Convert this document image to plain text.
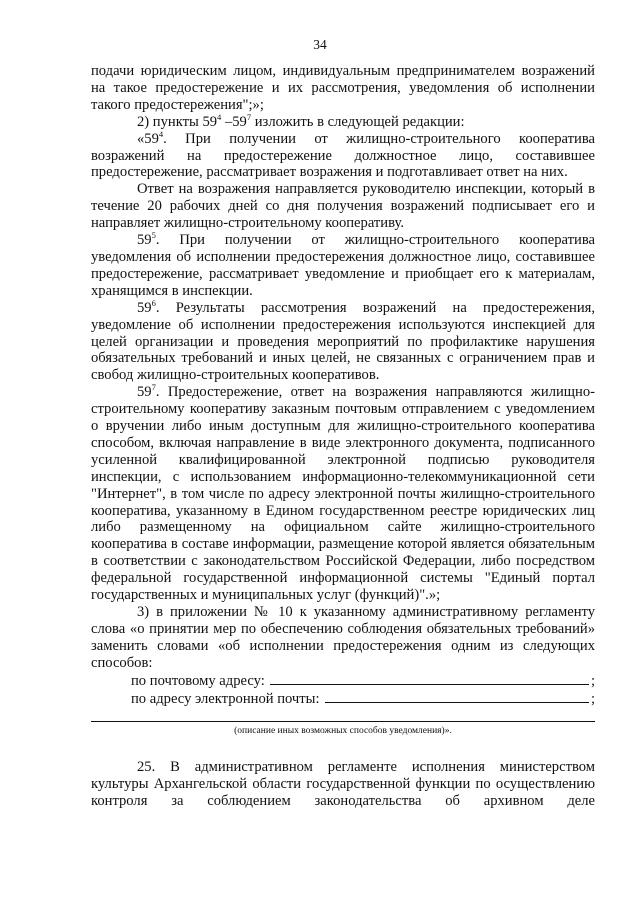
34

подачи юридическим лицом, индивидуальным предпринимателем возражений на такое предостережение и их рассмотрения, уведомления об исполнении такого предостережения";»;

2) пункты $59^4$ $-59^7$ изложить в следующей редакции:

«$59^4$. При получении от жилищно-строительного кооператива возражений на предостережение должностное лицо, составившее предостережение, рассматривает возражения и подготавливает ответ на них.

Ответ на возражения направляется руководителю инспекции, который в течение 20 рабочих дней со дня получения возражений подписывает его и направляет жилищно-строительному кооперативу.

$59^5$. При получении от жилищно-строительного кооператива уведомления об исполнении предостережения должностное лицо, составившее предостережение, рассматривает уведомление и приобщает его к материалам, хранящимся в инспекции.

$59^6$. Результаты рассмотрения возражений на предостережения, уведомление об исполнении предостережения используются инспекцией для целей организации и проведения мероприятий по профилактике нарушения обязательных требований и иных целей, не связанных с ограничением прав и свобод жилищно-строительных кооперативов.

$59^7$. Предостережение, ответ на возражения направляются жилищно-строительному кооперативу заказным почтовым отправлением с уведомлением о вручении либо иным доступным для жилищно-строительного кооператива способом, включая направление в виде электронного документа, подписанного усиленной квалифицированной электронной подписью руководителя инспекции, с использованием информационно-телекоммуникационной сети "Интернет", в том числе по адресу электронной почты жилищно-строительного кооператива, указанному в Едином государственном реестре юридических лиц либо размещенному на официальном сайте жилищно-строительного кооператива в составе информации, размещение которой является обязательным в соответствии с законодательством Российской Федерации, либо посредством федеральной государственной информационной системы "Единый портал государственных и муниципальных услуг (функций)".»;

3) в приложении № 10 к указанному административному регламенту слова «о принятии мер по обеспечению соблюдения обязательных требований» заменить словами «об исполнении предостережения одним из следующих способов:

по почтовому адресу:	;
по адресу электронной почты:	;
(описание иных возможных способов уведомления)».

25. В административном регламенте исполнения министерством культуры Архангельской области государственной функции по осуществлению контроля за соблюдением законодательства об архивном деле
